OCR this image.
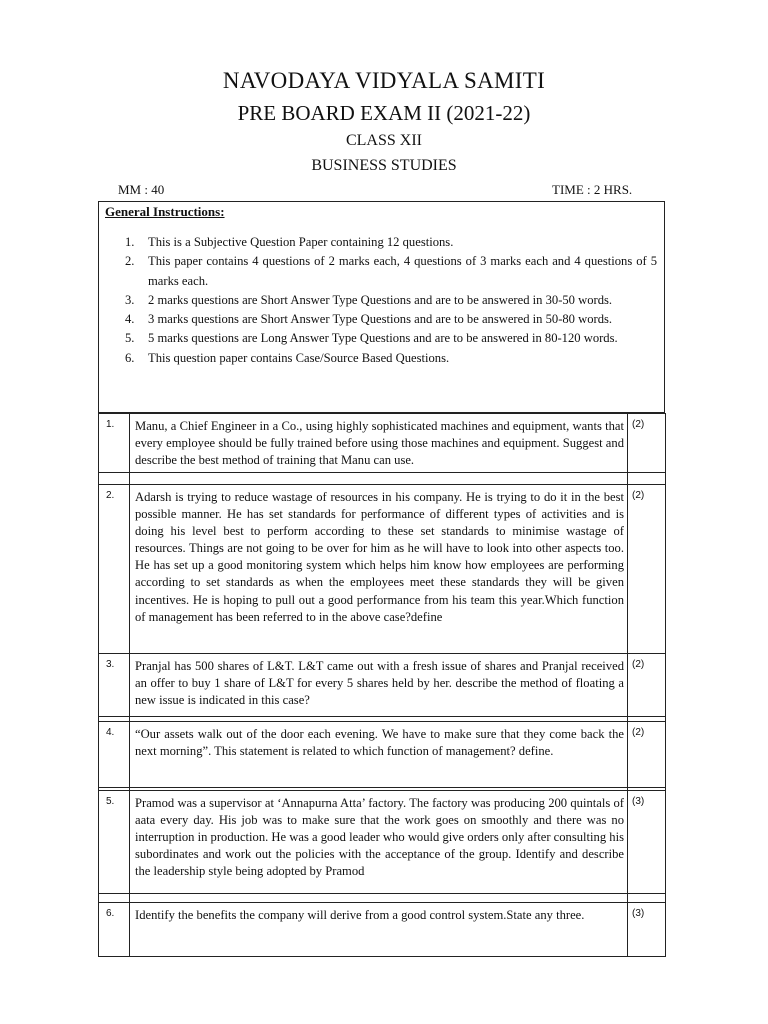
NAVODAYA VIDYALA SAMITI
PRE BOARD EXAM II (2021-22)
CLASS XII
BUSINESS STUDIES
MM : 40	TIME : 2 HRS.
General Instructions:
1. This is a Subjective Question Paper containing 12 questions.
2. This paper contains 4 questions of 2 marks each, 4 questions of 3 marks each and 4 questions of 5 marks each.
3. 2 marks questions are Short Answer Type Questions and are to be answered in 30-50 words.
4. 3 marks questions are Short Answer Type Questions and are to be answered in 50-80 words.
5. 5 marks questions are Long Answer Type Questions and are to be answered in 80-120 words.
6. This question paper contains Case/Source Based Questions.
1.	Manu, a Chief Engineer in a Co., using highly sophisticated machines and equipment, wants that every employee should be fully trained before using those machines and equipment. Suggest and describe the best method of training that Manu can use.	(2)

2.	Adarsh is trying to reduce wastage of resources in his company. He is trying to do it in the best possible manner. He has set standards for performance of different types of activities and is doing his level best to perform according to these set standards to minimise wastage of resources. Things are not going to be over for him as he will have to look into other aspects too. He has set up a good monitoring system which helps him know how employees are performing according to set standards as when the employees meet these standards they will be given incentives. He is hoping to pull out a good performance from his team this year.Which function of management has been referred to in the above case?define	(2)
3.	Pranjal has 500 shares of L&T. L&T came out with a fresh issue of shares and Pranjal received an offer to buy 1 share of L&T for every 5 shares held by her. describe the method of floating a new issue is indicated in this case?	(2)

4.	“Our assets walk out of the door each evening. We have to make sure that they come back the next morning”. This statement is related to which function of management? define.	(2)

5.	Pramod was a supervisor at ‘Annapurna Atta’ factory. The factory was producing 200 quintals of aata every day. His job was to make sure that the work goes on smoothly and there was no interruption in production. He was a good leader who would give orders only after consulting his subordinates and work out the policies with the acceptance of the group. Identify and describe the leadership style being adopted by Pramod	(3)

6.	Identify the benefits the company will derive from a good control system.State any three.	(3)
